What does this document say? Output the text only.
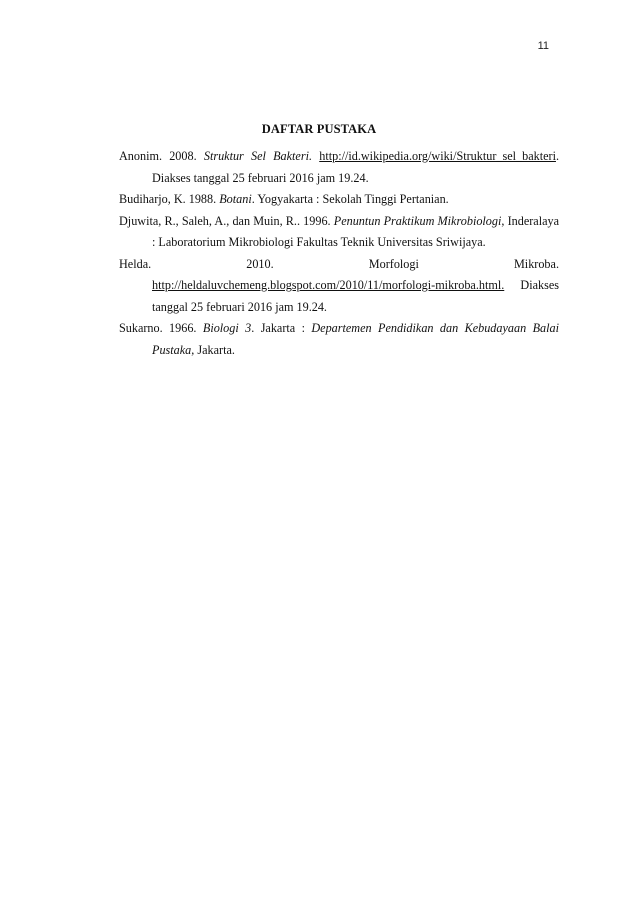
11
DAFTAR PUSTAKA
Anonim. 2008. Struktur Sel Bakteri. http://id.wikipedia.org/wiki/Struktur_sel_bakteri. Diakses tanggal 25 februari 2016 jam 19.24.
Budiharjo, K. 1988. Botani. Yogyakarta : Sekolah Tinggi Pertanian.
Djuwita, R., Saleh, A., dan Muin, R.. 1996. Penuntun Praktikum Mikrobiologi, Inderalaya : Laboratorium Mikrobiologi Fakultas Teknik Universitas Sriwijaya.
Helda. 2010. Morfologi Mikroba. http://heldaluvchemeng.blogspot.com/2010/11/morfologi-mikroba.html. Diakses tanggal 25 februari 2016 jam 19.24.
Sukarno. 1966. Biologi 3. Jakarta : Departemen Pendidikan dan Kebudayaan Balai Pustaka, Jakarta.
